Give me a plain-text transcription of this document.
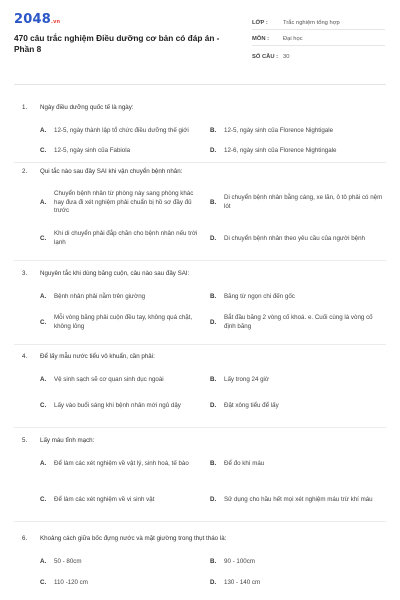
2048.vn
470 câu trắc nghiệm Điều dưỡng cơ bản có đáp án - Phần 8
LỚP :	Trắc nghiệm tổng hợp
MÔN :	Đại học
SỐ CÂU : 30
1. Ngày điều dưỡng quốc tế là ngày:
A.	12-5, ngày thành lập tổ chức điều dưỡng thế giới	B.	12-5, ngày sinh của Florence Nightigale
C.	12-5, ngày sinh của Fabiola	D.	12-6, ngày sinh của Florence Nightingale
2. Qui tắc nào sau đây SAI khi vận chuyển bệnh nhân:
A.
Chuyển bệnh nhân từ phòng này sang phòng khác hay đưa đi xét nghiệm phải chuẩn bị hồ sơ đầy đủ trước
B.
Di chuyển bệnh nhân bằng cáng, xe lăn, ô tô phải có nệm lót
C.
Khi di chuyển phải đắp chăn cho bệnh nhân nếu trời lạnh
D.	Di chuyển bệnh nhân theo yêu cầu của người bệnh
3. Nguyên tắc khi dùng băng cuộn, câu nào sau đây SAI:
A.	Bệnh nhân phải nằm trên giường	B.	Băng từ ngọn chi đến gốc
C.
Mỗi vòng băng phải cuộn đều tay, không quá chặt, không lỏng
D.
Bắt đầu băng 2 vòng cố khoá. e. Cuối cùng là vòng cố định băng
4. Để lấy mẫu nước tiểu vô khuẩn, cần phải:
A.	Vệ sinh sạch sẽ cơ quan sinh dục ngoài	B.	Lấy trong 24 giờ
C.	Lấy vào buổi sáng khi bệnh nhân mới ngủ dậy	D.	Đặt xông tiểu để lấy
5. Lấy máu tĩnh mạch:
A.	Để làm các xét nghiệm về vật lý, sinh hoá, tế bào	B.	Để đo khí máu
C.	Để làm các xét nghiệm về vi sinh vật	D.	Sử dụng cho hầu hết mọi xét nghiệm máu trừ khí máu
6. Khoảng cách giữa bốc đựng nước và mặt giường trong thụt tháo là:
A.	50 - 80cm	B.	90 - 100cm
C.	110 -120 cm	D.	130 - 140 cm
